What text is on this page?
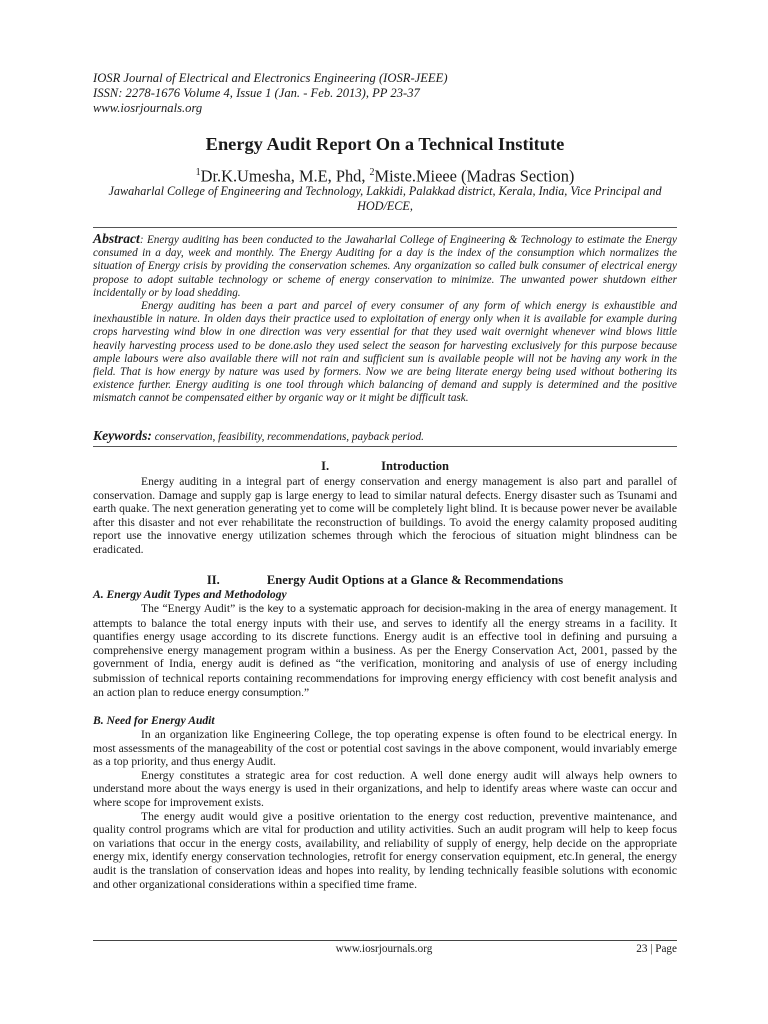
IOSR Journal of Electrical and Electronics Engineering (IOSR-JEEE)
ISSN: 2278-1676 Volume 4, Issue 1 (Jan. - Feb. 2013), PP 23-37
www.iosrjournals.org
Energy Audit Report On a Technical Institute
$^1$Dr.K.Umesha, M.E, Phd, $^2$Miste.Mieee (Madras Section)
Jawaharlal College of Engineering and Technology, Lakkidi, Palakkad district, Kerala, India, Vice Principal and HOD/ECE,

Abstract: Energy auditing has been conducted to the Jawaharlal College of Engineering & Technology to estimate the Energy consumed in a day, week and monthly. The Energy Auditing for a day is the index of the consumption which normalizes the situation of Energy crisis by providing the conservation schemes. Any organization so called bulk consumer of electrical energy propose to adopt suitable technology or scheme of energy conservation to minimize. The unwanted power shutdown either incidentally or by load shedding.

Energy auditing has been a part and parcel of every consumer of any form of which energy is exhaustible and inexhaustible in nature. In olden days their practice used to exploitation of energy only when it is available for example during crops harvesting wind blow in one direction was very essential for that they used wait overnight whenever wind blows little heavily harvesting process used to be done.aslo they used select the season for harvesting exclusively for this purpose because ample labours were also available there will not rain and sufficient sun is available people will not be having any work in the field. That is how energy by nature was used by formers. Now we are being literate energy being used without bothering its existence further. Energy auditing is one tool through which balancing of demand and supply is determined and the positive mismatch cannot be compensated either by organic way or it might be difficult task.

Keywords: conservation, feasibility, recommendations, payback period.
I.	Introduction

Energy auditing in a integral part of energy conservation and energy management is also part and parallel of conservation. Damage and supply gap is large energy to lead to similar natural defects. Energy disaster such as Tsunami and earth quake. The next generation generating yet to come will be completely light blind. It is because power never be available after this disaster and not ever rehabilitate the reconstruction of buildings. To avoid the energy calamity proposed auditing report use the innovative energy utilization schemes through which the ferocious of situation might blindness can be eradicated.

II.	Energy Audit Options at a Glance & Recommendations
A. Energy Audit Types and Methodology

The “Energy Audit” is the key to a systematic approach for decision-making in the area of energy management. It attempts to balance the total energy inputs with their use, and serves to identify all the energy streams in a facility. It quantifies energy usage according to its discrete functions. Energy audit is an effective tool in defining and pursuing a comprehensive energy management program within a business. As per the Energy Conservation Act, 2001, passed by the government of India, energy audit is defined as “the verification, monitoring and analysis of use of energy including submission of technical reports containing recommendations for improving energy efficiency with cost benefit analysis and an action plan to reduce energy consumption.”

B. Need for Energy Audit

In an organization like Engineering College, the top operating expense is often found to be electrical energy. In most assessments of the manageability of the cost or potential cost savings in the above component, would invariably emerge as a top priority, and thus energy Audit.

Energy constitutes a strategic area for cost reduction. A well done energy audit will always help owners to understand more about the ways energy is used in their organizations, and help to identify areas where waste can occur and where scope for improvement exists.

The energy audit would give a positive orientation to the energy cost reduction, preventive maintenance, and quality control programs which are vital for production and utility activities. Such an audit program will help to keep focus on variations that occur in the energy costs, availability, and reliability of supply of energy, help decide on the appropriate energy mix, identify energy conservation technologies, retrofit for energy conservation equipment, etc.In general, the energy audit is the translation of conservation ideas and hopes into reality, by lending technically feasible solutions with economic and other organizational considerations within a specified time frame.

www.iosrjournals.org	23 | Page
